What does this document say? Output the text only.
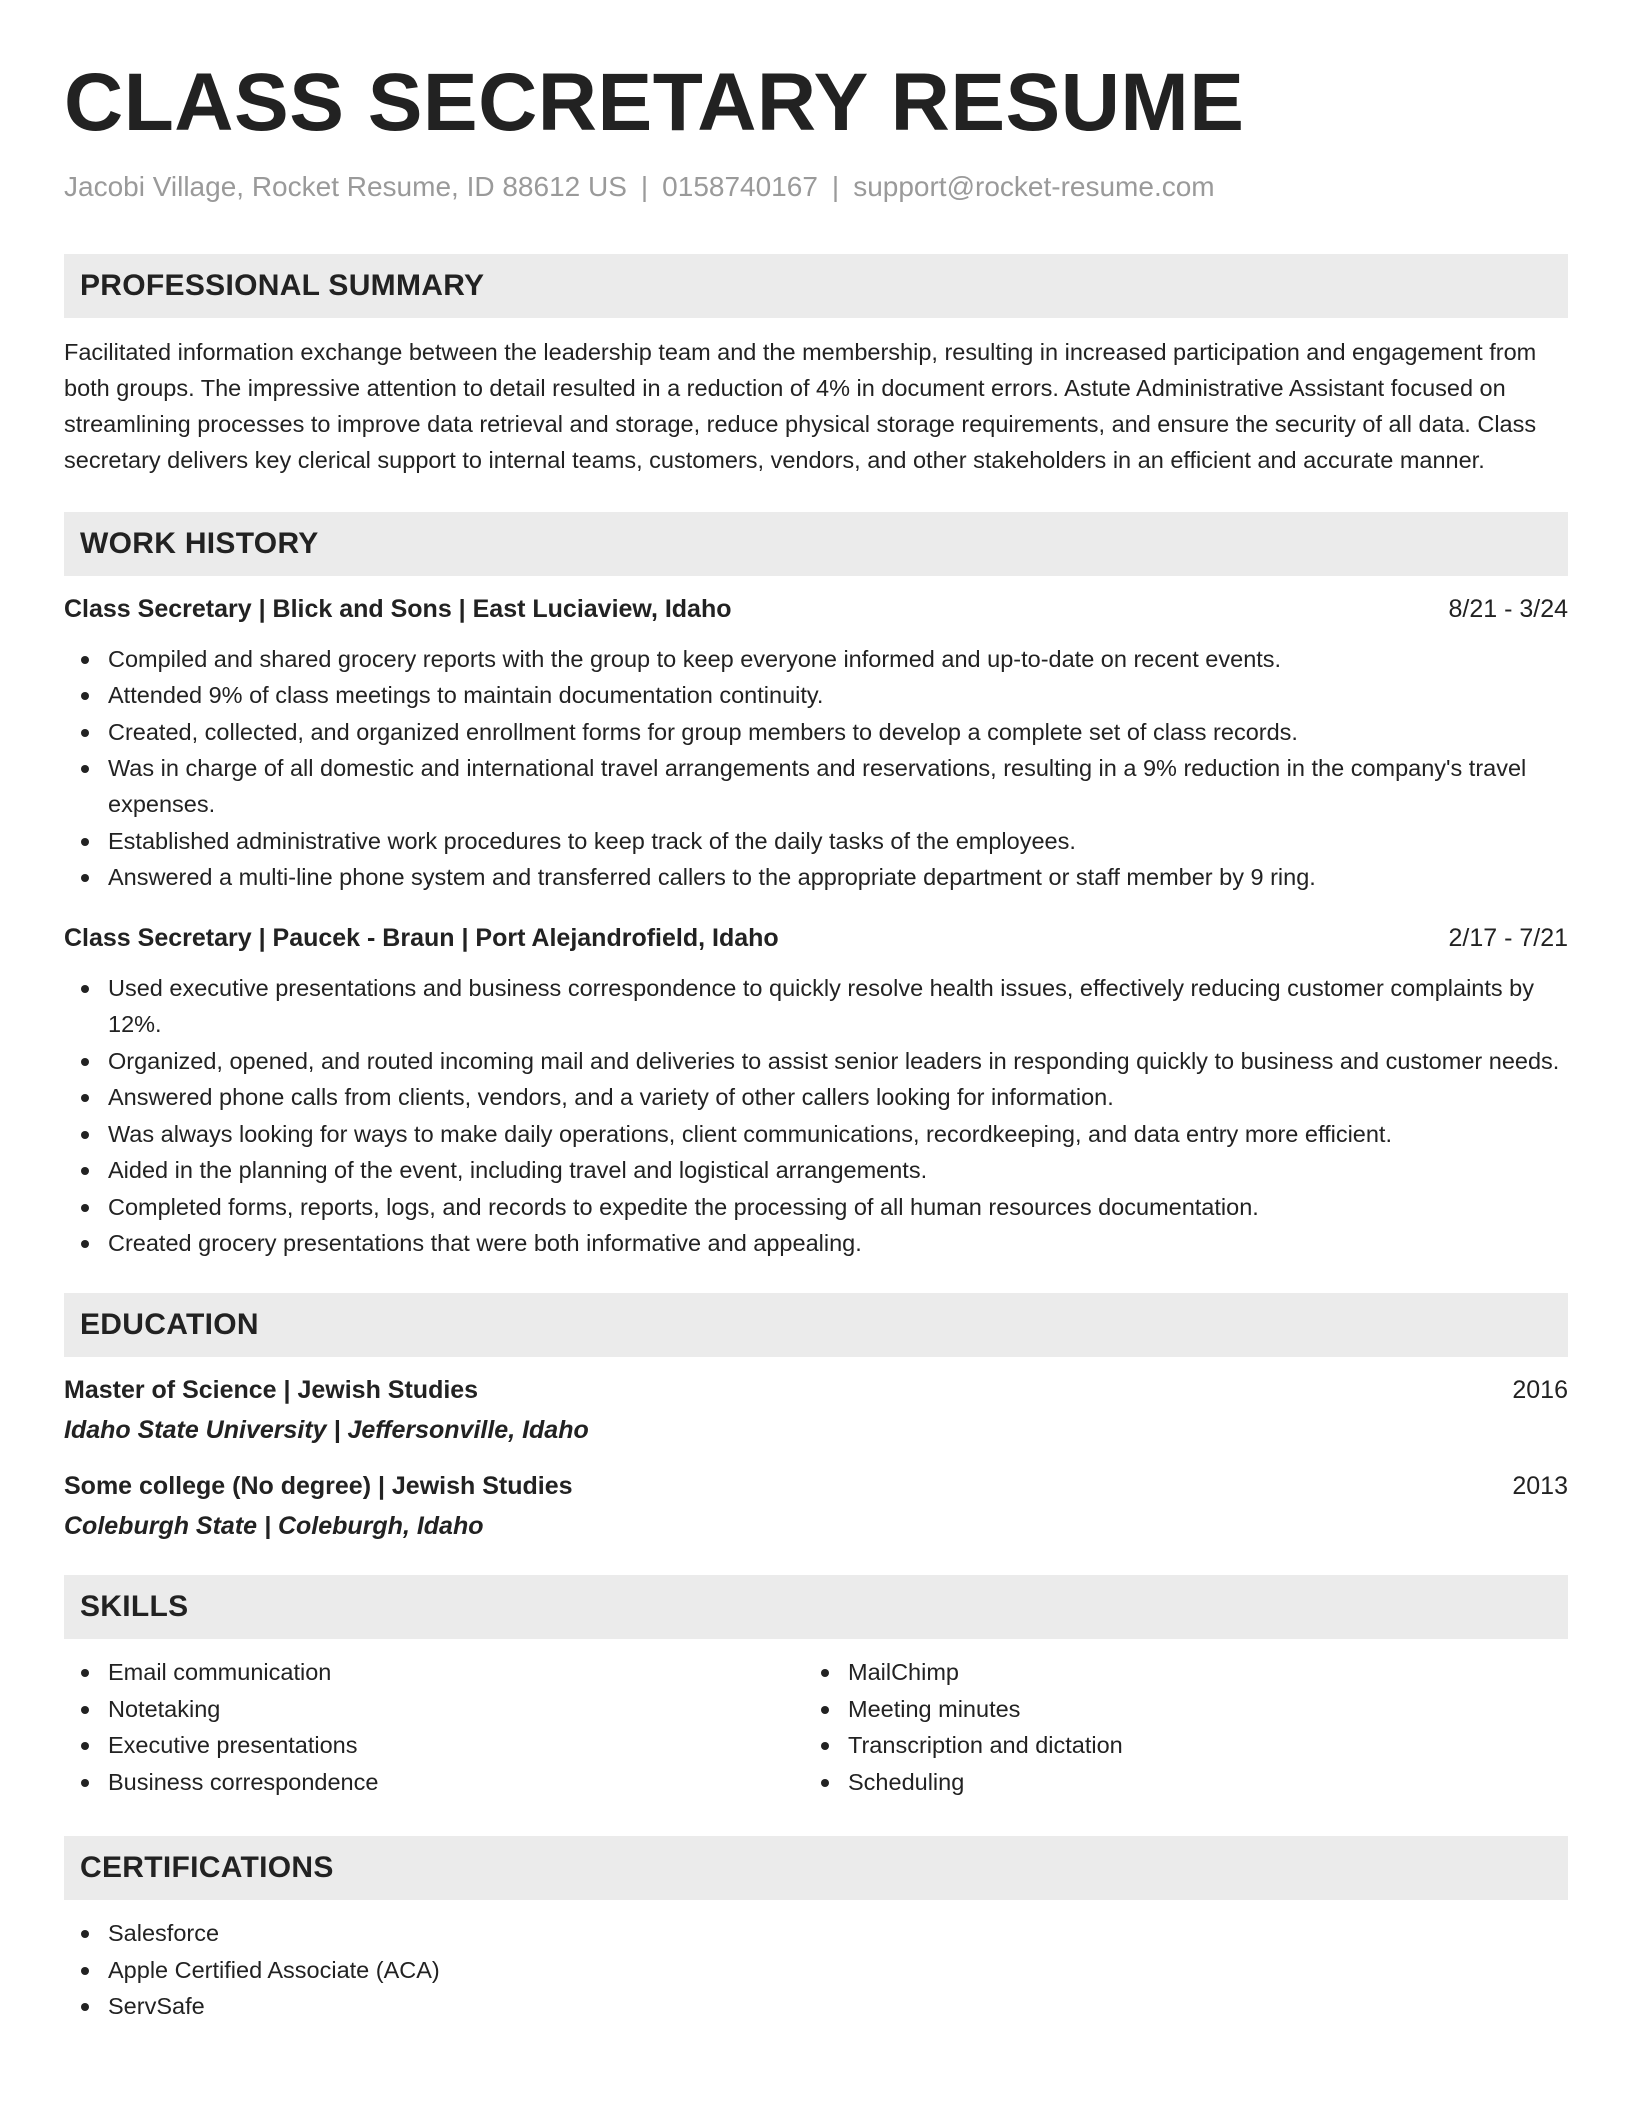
CLASS SECRETARY RESUME
Jacobi Village, Rocket Resume, ID 88612 US | 0158740167 | support@rocket-resume.com
PROFESSIONAL SUMMARY

Facilitated information exchange between the leadership team and the membership, resulting in increased participation and engagement from both groups. The impressive attention to detail resulted in a reduction of 4% in document errors. Astute Administrative Assistant focused on streamlining processes to improve data retrieval and storage, reduce physical storage requirements, and ensure the security of all data. Class secretary delivers key clerical support to internal teams, customers, vendors, and other stakeholders in an efficient and accurate manner.

WORK HISTORY
Class Secretary | Blick and Sons | East Luciaview, Idaho	8/21 - 3/24
Compiled and shared grocery reports with the group to keep everyone informed and up-to-date on recent events.
Attended 9% of class meetings to maintain documentation continuity.
Created, collected, and organized enrollment forms for group members to develop a complete set of class records.
Was in charge of all domestic and international travel arrangements and reservations, resulting in a 9% reduction in the company's travel expenses.
Established administrative work procedures to keep track of the daily tasks of the employees.
Answered a multi-line phone system and transferred callers to the appropriate department or staff member by 9 ring.
Class Secretary | Paucek - Braun | Port Alejandrofield, Idaho	2/17 - 7/21
Used executive presentations and business correspondence to quickly resolve health issues, effectively reducing customer complaints by 12%.
Organized, opened, and routed incoming mail and deliveries to assist senior leaders in responding quickly to business and customer needs.
Answered phone calls from clients, vendors, and a variety of other callers looking for information.
Was always looking for ways to make daily operations, client communications, recordkeeping, and data entry more efficient.
Aided in the planning of the event, including travel and logistical arrangements.
Completed forms, reports, logs, and records to expedite the processing of all human resources documentation.
Created grocery presentations that were both informative and appealing.
EDUCATION
Master of Science | Jewish Studies	2016
Idaho State University | Jeffersonville, Idaho
Some college (No degree) | Jewish Studies	2013
Coleburgh State | Coleburgh, Idaho
SKILLS
Email communication
Notetaking
Executive presentations
Business correspondence
MailChimp
Meeting minutes
Transcription and dictation
Scheduling
CERTIFICATIONS
Salesforce
Apple Certified Associate (ACA)
ServSafe
